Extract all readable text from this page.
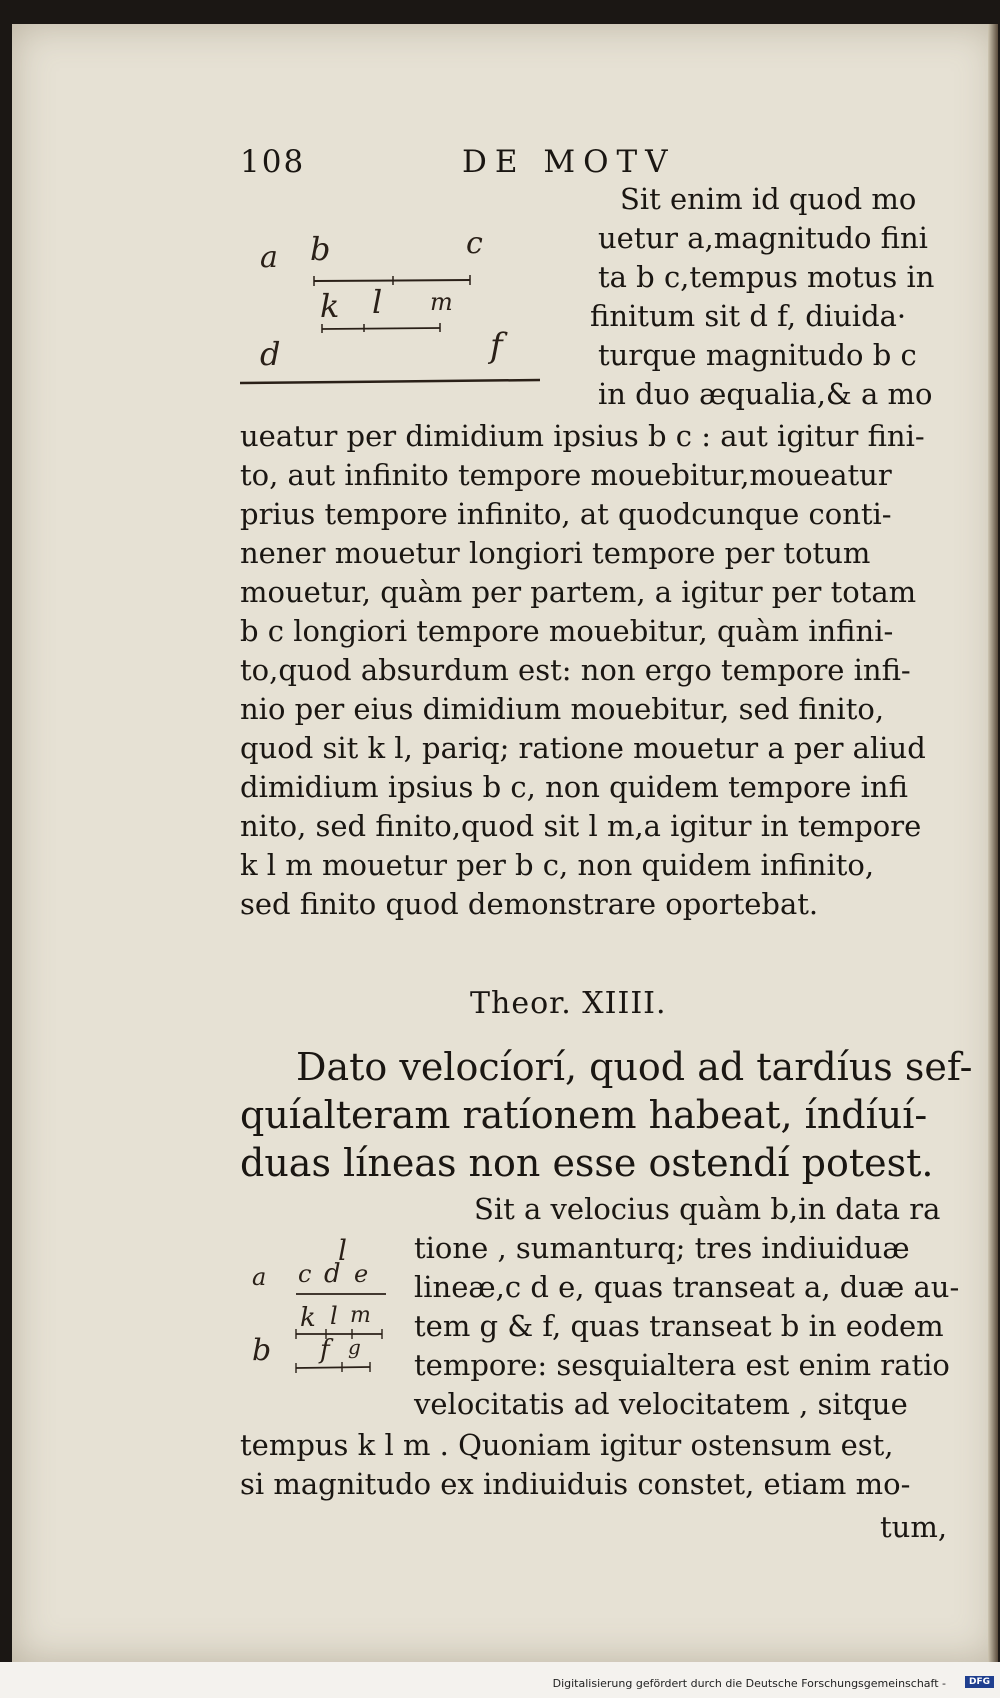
108	DE MOTV
a b	c
k l m
d	f
Sit enim id quod mo
uetur a,magnitudo fini
ta b c,tempus motus in
finitum sit d f, diuida·
turque magnitudo b c
in duo æqualia,& a mo
ueatur per dimidium ipsius b c : aut igitur fini-
to, aut infinito tempore mouebitur,moueatur
prius tempore infinito, at quodcunque conti-
nener mouetur longiori tempore per totum
mouetur, quàm per partem, a igitur per totam
b c longiori tempore mouebitur, quàm infini-
to,quod absurdum est: non ergo tempore infi-
nio per eius dimidium mouebitur, sed finito,
quod sit k l, pariq; ratione mouetur a per aliud
dimidium ipsius b c, non quidem tempore infi
nito, sed finito,quod sit l m,a igitur in tempore
k l m mouetur per b c, non quidem infinito,
sed finito quod demonstrare oportebat.
Theor. XIIII.
Dato velocíorí, quod ad tardíus sef-
quíalteram ratíonem habeat, índíuí-
duas líneas non esse ostendí potest.
l
a c d e
k l m
b f g
Sit a velocius quàm b,in data ra
tione , sumanturq; tres indiuiduæ
lineæ,c d e, quas transeat a, duæ au-
tem g & f, quas transeat b in eodem
tempore: sesquialtera est enim ratio
velocitatis ad velocitatem , sitque
tempus k l m . Quoniam igitur ostensum est,
si magnitudo ex indiuiduis constet, etiam mo-
tum,
Digitalisierung gefördert durch die Deutsche Forschungsgemeinschaft -	DFG
